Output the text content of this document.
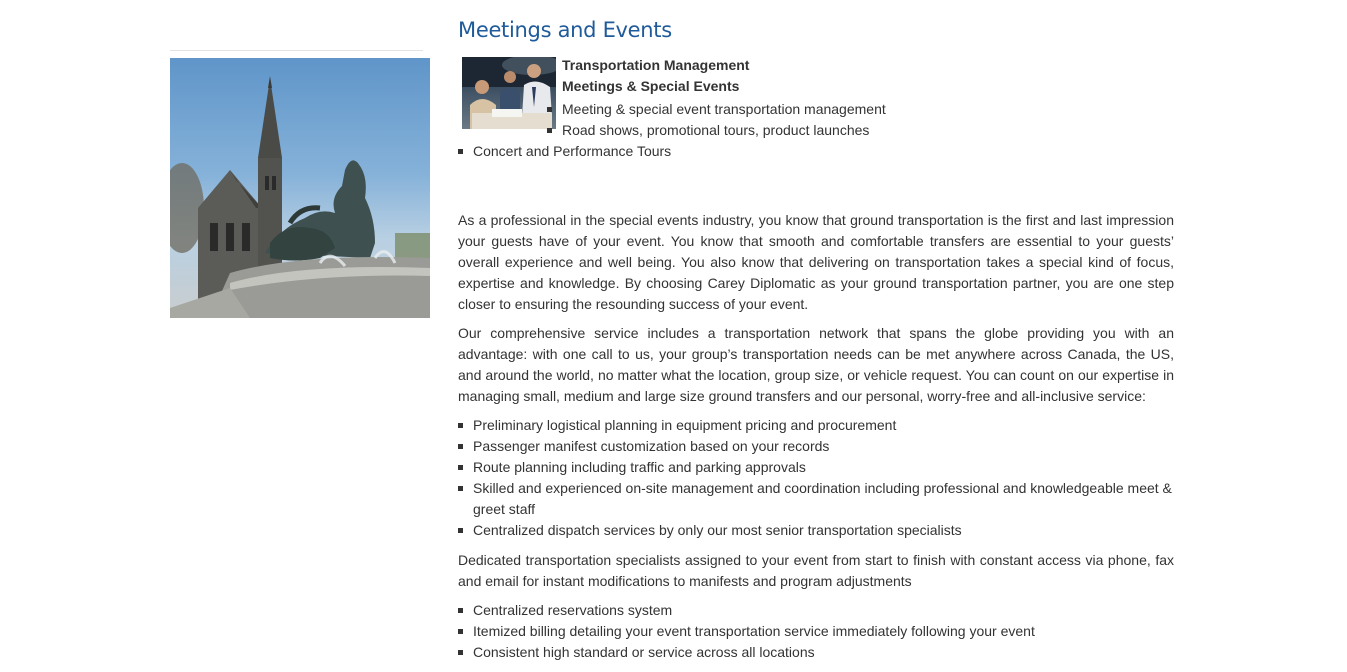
Meetings and Events

Transportation Management

Meetings & Special Events

Meeting & special event transportation management
Road shows, promotional tours, product launches
Concert and Performance Tours

As a professional in the special events industry, you know that ground transportation is the first and last impression your guests have of your event. You know that smooth and comfortable transfers are essential to your guests’ overall experience and well being. You also know that delivering on transportation takes a special kind of focus, expertise and knowledge. By choosing Carey Diplomatic as your ground transportation partner, you are one step closer to ensuring the resounding success of your event.

Our comprehensive service includes a transportation network that spans the globe providing you with an advantage: with one call to us, your group’s transportation needs can be met anywhere across Canada, the US, and around the world, no matter what the location, group size, or vehicle request. You can count on our expertise in managing small, medium and large size ground transfers and our personal, worry-free and all-inclusive service:

Preliminary logistical planning in equipment pricing and procurement
Passenger manifest customization based on your records
Route planning including traffic and parking approvals
Skilled and experienced on-site management and coordination including professional and knowledgeable meet & greet staff
Centralized dispatch services by only our most senior transportation specialists

Dedicated transportation specialists assigned to your event from start to finish with constant access via phone, fax and email for instant modifications to manifests and program adjustments

Centralized reservations system
Itemized billing detailing your event transportation service immediately following your event
Consistent high standard or service across all locations
